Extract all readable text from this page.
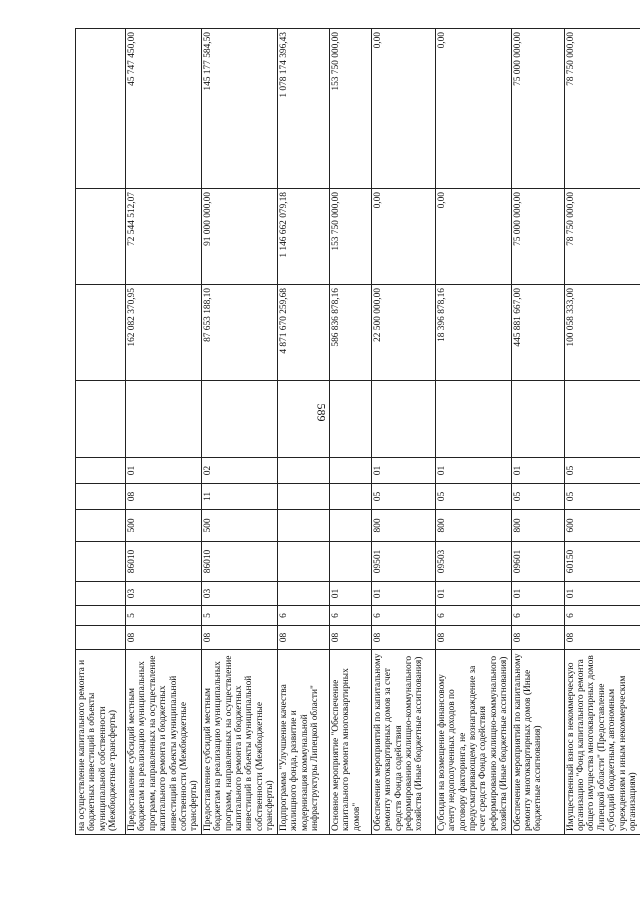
589
на осуществление капитального ремонта и бюджетных инвестиций в объекты муниципальной собственности (Межбюджетные трансферты)											
Предоставление субсидий местным бюджетам на реализацию муниципальных программ, направленных на осуществление капитального ремонта и бюджетных инвестиций в объекты муниципальной собственности (Межбюджетные трансферты)	08	5	03	86010	500	08	01		162 082 370,95	72 544 512,07	45 747 450,00
Предоставление субсидий местным бюджетам на реализацию муниципальных программ, направленных на осуществление капитального ремонта и бюджетных инвестиций в объекты муниципальной собственности (Межбюджетные трансферты)	08	5	03	86010	500	11	02		87 653 188,10	91 000 000,00	145 177 584,50
Подпрограмма "Улучшение качества жилищного фонда, развитие и модернизация коммунальной инфраструктуры Липецкой области"	08	6							4 871 670 259,68	1 146 662 079,18	1 078 174 396,43
Основное мероприятие "Обеспечение капитального ремонта многоквартирных домов"	08	6	01						586 836 878,16	153 750 000,00	153 750 000,00
Обеспечение мероприятий по капитальному ремонту многоквартирных домов за счет средств Фонда содействия реформированию жилищно-коммунального хозяйства (Иные бюджетные ассигнования)	08	6	01	09501	800	05	01		22 500 000,00	0,00	0,00
Субсидия на возмещение финансовому агенту недополученных доходов по договору факторинга, не предусматривающему вознаграждение за счет средств Фонда содействия реформированию жилищно-коммунального хозяйства (Иные бюджетные ассигнования)	08	6	01	09503	800	05	01		18 396 878,16	0,00	0,00
Обеспечение мероприятий по капитальному ремонту многоквартирных домов (Иные бюджетные ассигнования)	08	6	01	09601	800	05	01		445 881 667,00	75 000 000,00	75 000 000,00
Имущественный взнос в некоммерческую организацию "Фонд капитального ремонта общего имущества многоквартирных домов Липецкой области" (Предоставление субсидий бюджетным, автономным учреждениям и иным некоммерческим организациям)	08	6	01	60150	600	05	05		100 058 333,00	78 750 000,00	78 750 000,00
